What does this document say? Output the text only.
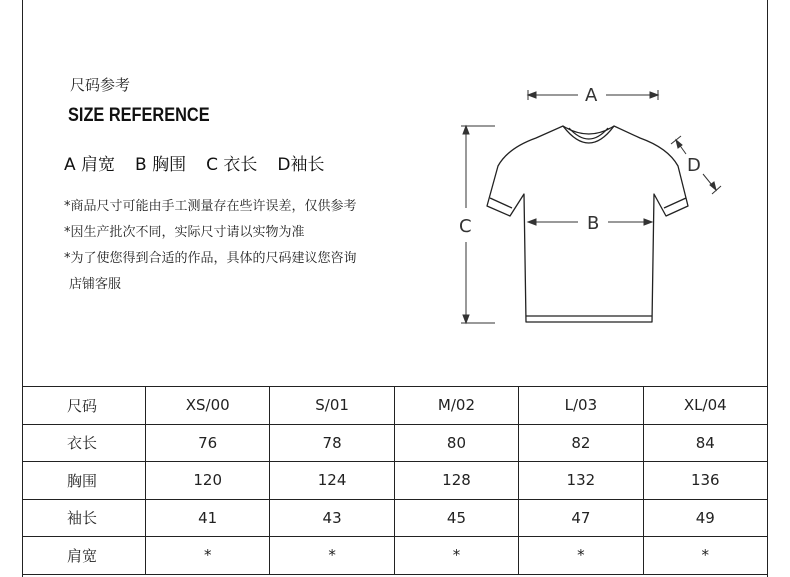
尺码参考
SIZE REFERENCE
A 肩宽 B 胸围 C 衣长 D袖长
*商品尺寸可能由手工测量存在些许误差，仅供参考
*因生产批次不同，实际尺寸请以实物为准
*为了使您得到合适的作品，具体的尺码建议您咨询
店铺客服
A
B
C
D
尺码	XS/00	S/01	M/02	L/03	XL/04
衣长	76	78	80	82	84
胸围	120	124	128	132	136
袖长	41	43	45	47	49
肩宽	*	*	*	*	*
